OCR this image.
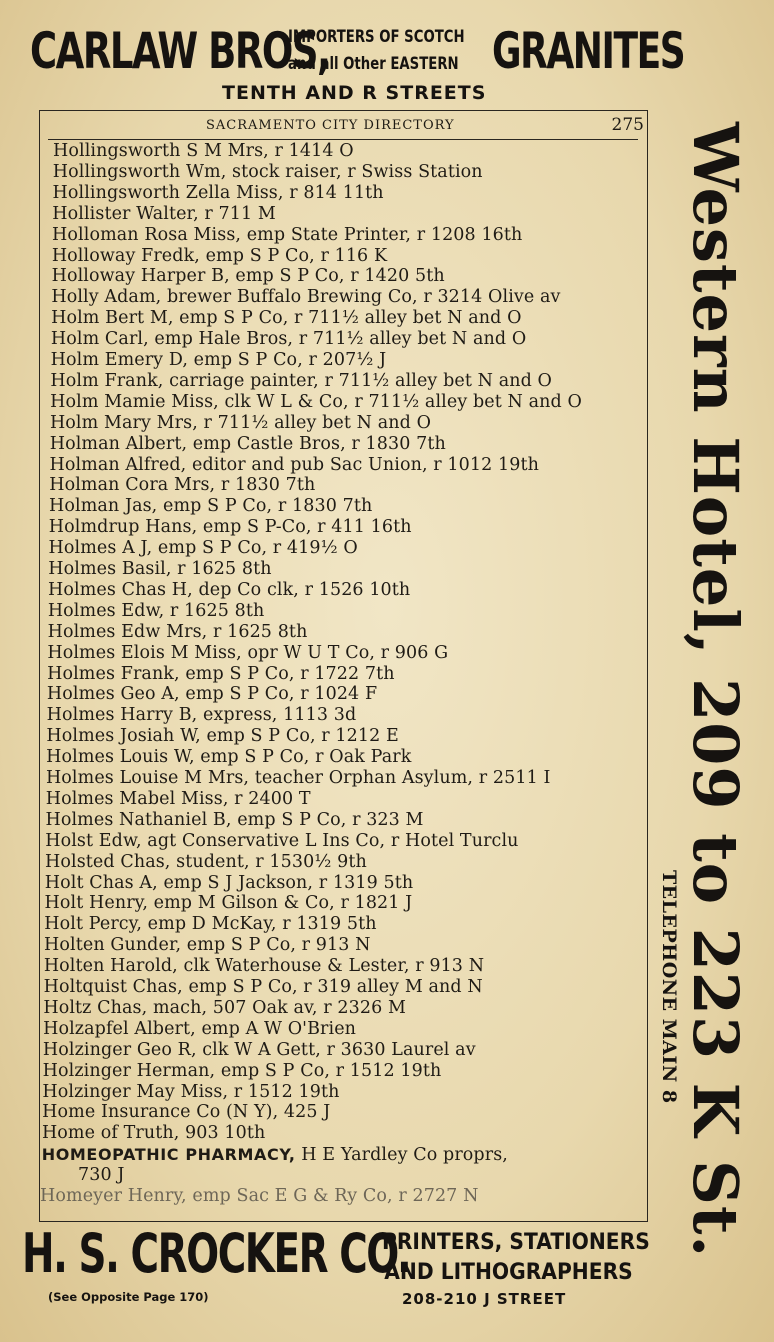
CARLAW BROS,
IMPORTERS OF SCOTCH
and all Other EASTERN GRANITES
TENTH AND R STREETS
SACRAMENTO CITY DIRECTORY	275
Hollingsworth S M Mrs, r 1414 O
Hollingsworth Wm, stock raiser, r Swiss Station
Hollingsworth Zella Miss, r 814 11th
Hollister Walter, r 711 M
Holloman Rosa Miss, emp State Printer, r 1208 16th
Holloway Fredk, emp S P Co, r 116 K
Holloway Harper B, emp S P Co, r 1420 5th
Holly Adam, brewer Buffalo Brewing Co, r 3214 Olive av
Holm Bert M, emp S P Co, r 711½ alley bet N and O
Holm Carl, emp Hale Bros, r 711½ alley bet N and O
Holm Emery D, emp S P Co, r 207½ J
Holm Frank, carriage painter, r 711½ alley bet N and O
Holm Mamie Miss, clk W L & Co, r 711½ alley bet N and O
Holm Mary Mrs, r 711½ alley bet N and O
Holman Albert, emp Castle Bros, r 1830 7th
Holman Alfred, editor and pub Sac Union, r 1012 19th
Holman Cora Mrs, r 1830 7th
Holman Jas, emp S P Co, r 1830 7th
Holmdrup Hans, emp S P-Co, r 411 16th
Holmes A J, emp S P Co, r 419½ O
Holmes Basil, r 1625 8th
Holmes Chas H, dep Co clk, r 1526 10th
Holmes Edw, r 1625 8th
Holmes Edw Mrs, r 1625 8th
Holmes Elois M Miss, opr W U T Co, r 906 G
Holmes Frank, emp S P Co, r 1722 7th
Holmes Geo A, emp S P Co, r 1024 F
Holmes Harry B, express, 1113 3d
Holmes Josiah W, emp S P Co, r 1212 E
Holmes Louis W, emp S P Co, r Oak Park
Holmes Louise M Mrs, teacher Orphan Asylum, r 2511 I
Holmes Mabel Miss, r 2400 T
Holmes Nathaniel B, emp S P Co, r 323 M
Holst Edw, agt Conservative L Ins Co, r Hotel Turclu
Holsted Chas, student, r 1530½ 9th
Holt Chas A, emp S J Jackson, r 1319 5th
Holt Henry, emp M Gilson & Co, r 1821 J
Holt Percy, emp D McKay, r 1319 5th
Holten Gunder, emp S P Co, r 913 N
Holten Harold, clk Waterhouse & Lester, r 913 N
Holtquist Chas, emp S P Co, r 319 alley M and N
Holtz Chas, mach, 507 Oak av, r 2326 M
Holzapfel Albert, emp A W O'Brien
Holzinger Geo R, clk W A Gett, r 3630 Laurel av
Holzinger Herman, emp S P Co, r 1512 19th
Holzinger May Miss, r 1512 19th
Home Insurance Co (N Y), 425 J
Home of Truth, 903 10th
HOMEOPATHIC PHARMACY, H E Yardley Co proprs,
730 J
Homeyer Henry, emp Sac E G & Ry Co, r 2727 N	Western Hotel, 209 to 223 K St.
TELEPHONE MAIN 8
H. S. CROCKER CO.
PRINTERS, STATIONERS
AND LITHOGRAPHERS
(See Opposite Page 170)	208-210 J STREET
